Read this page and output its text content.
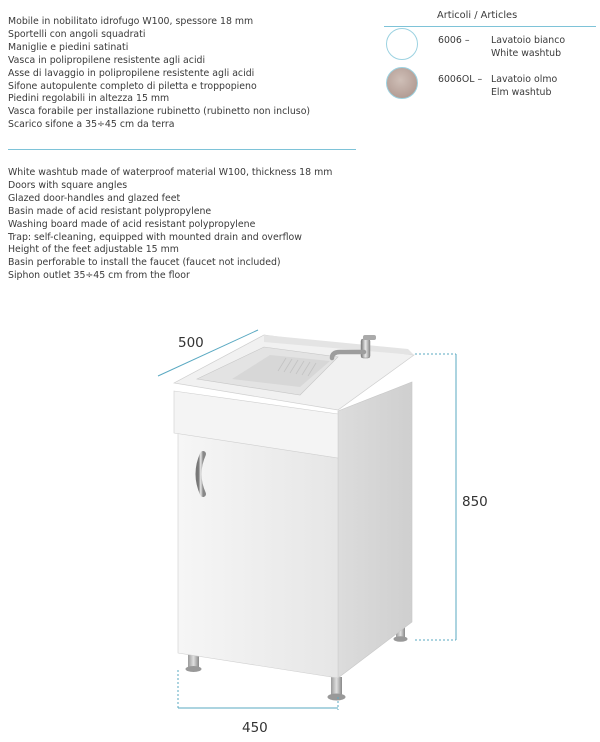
Mobile in nobilitato idrofugo W100, spessore 18 mm
Sportelli con angoli squadrati
Maniglie e piedini satinati
Vasca in polipropilene resistente agli acidi
Asse di lavaggio in polipropilene resistente agli acidi
Sifone autopulente completo di piletta e troppopieno
Piedini regolabili in altezza 15 mm
Vasca forabile per installazione rubinetto (rubinetto non incluso)
Scarico sifone a 35÷45 cm da terra
White washtub made of waterproof material W100, thickness 18 mm
Doors with square angles
Glazed door-handles and glazed feet
Basin made of acid resistant polypropylene
Washing board made of acid resistant polypropylene
Trap: self-cleaning, equipped with mounted drain and overflow
Height of the feet adjustable 15 mm
Basin perforable to install the faucet (faucet not included)
Siphon outlet 35÷45 cm from the floor
Articoli / Articles
6006 – Lavatoio bianco
White washtub
6006OL – Lavatoio olmo
Elm washtub
500
850
450
